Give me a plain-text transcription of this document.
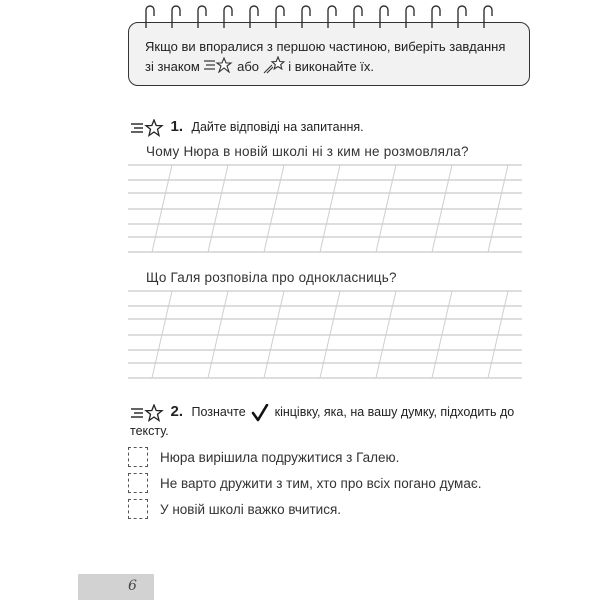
Якщо ви впоралися з першою частиною, виберіть завдання
зі знаком	або і виконайте їх.
1. Дайте відповіді на запитання.
Чому Нюра в новій школі ні з ким не розмовляла?
Що Галя розповіла про однокласниць?
2. Позначте кінцівку, яка, на вашу думку, підходить до
тексту.
Нюра вирішила подружитися з Галею.
Не варто дружити з тим, хто про всіх погано думає.
У новій школі важко вчитися.
6
